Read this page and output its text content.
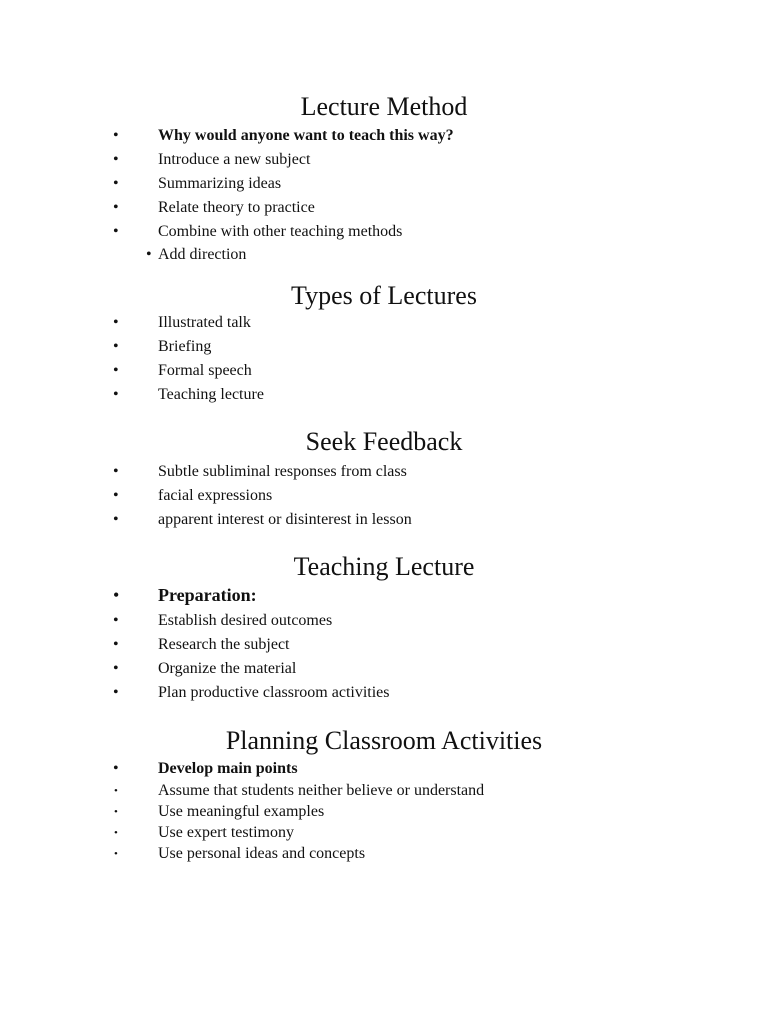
Lecture Method
• Why would anyone want to teach this way?
• Introduce a new subject
• Summarizing ideas
• Relate theory to practice
• Combine with other teaching methods
• Add direction
Types of Lectures
• Illustrated talk
• Briefing
• Formal speech
• Teaching lecture
Seek Feedback
• Subtle subliminal responses from class
• facial expressions
• apparent interest or disinterest in lesson
Teaching Lecture
• Preparation:
• Establish desired outcomes
• Research the subject
• Organize the material
• Plan productive classroom activities
Planning Classroom Activities
• Develop main points
•	Assume that students neither believe or understand
•	Use meaningful examples
•	Use expert testimony
•	Use personal ideas and concepts
